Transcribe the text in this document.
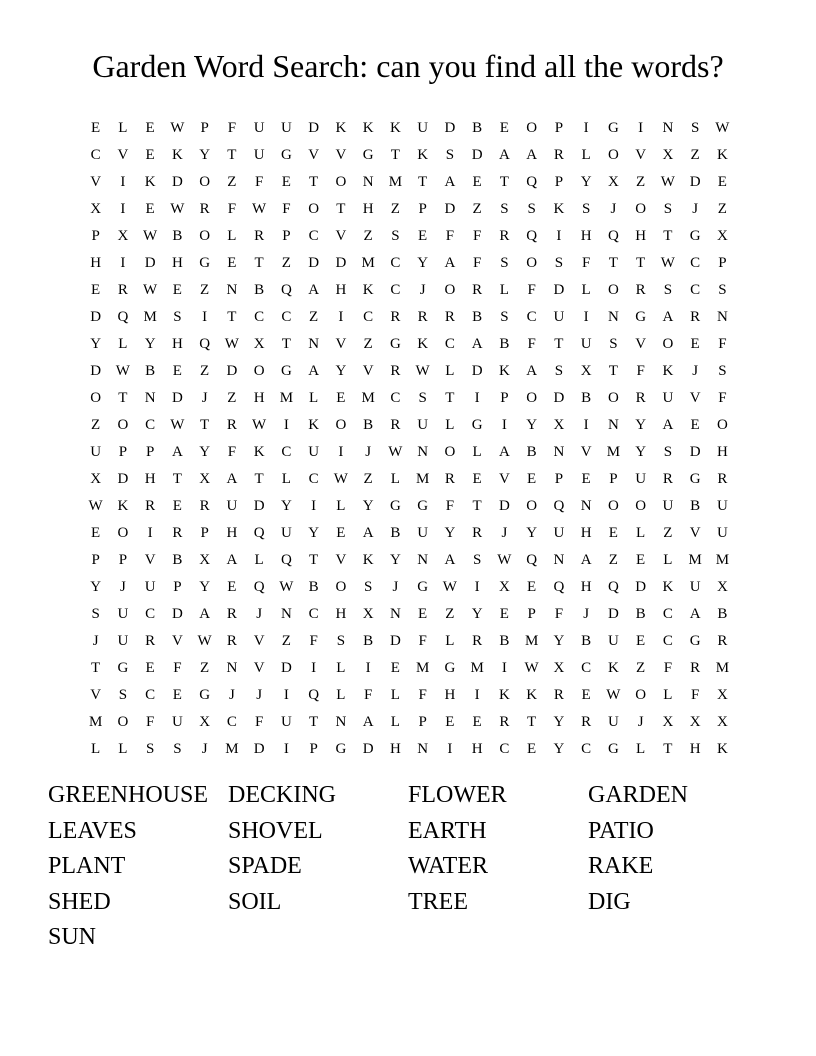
Garden Word Search: can you find all the words?
E	L	E	W	P	F	U	U	D	K	K	K	U	D	B	E	O	P	I	G	I	N	S	W
C	V	E	K	Y	T	U	G	V	V	G	T	K	S	D	A	A	R	L	O	V	X	Z	K
V	I	K	D	O	Z	F	E	T	O	N	M	T	A	E	T	Q	P	Y	X	Z	W D	E
X	I	E	W	R	F	W	F	O	T	H	Z	P	D	Z	S	S	K	S	J	O	S	J	Z
P	X W	B	O	L	R	P	C	V	Z	S	E	F	F	R	Q	I	H	Q	H	T	G	X
H	I	D	H	G	E	T	Z	D	D	M	C	Y	A	F	S	O	S	F	T	T	W	C	P
E	R	W	E	Z	N	B	Q	A	H	K	C	J	O	R	L	F	D	L	O	R	S	C	S
D	Q	M	S	I	T	C	C	Z	I	C	R	R	R	B	S	C	U	I	N	G	A	R	N
Y	L	Y	H	Q W X	T	N	V	Z	G	K	C	A	B	F	T	U	S	V	O	E	F
D W	B	E	Z	D	O	G	A	Y	V	R	W	L	D	K	A	S	X	T	F	K	J	S
O	T	N	D	J	Z	H	M	L	E	M	C	S	T	I	P	O	D	B	O	R	U	V	F
Z	O	C	W	T	R	W	I	K	O	B	R	U	L	G	I	Y	X	I	N	Y	A	E	O
U	P	P	A	Y	F	K	C	U	I	J	W N	O	L	A	B	N	V	M	Y	S	D	H
X	D	H	T	X	A	T	L	C	W	Z	L	M	R	E	V	E	P	E	P	U	R	G	R
W K	R	E	R	U	D	Y	I	L	Y	G	G	F	T	D	O	Q	N	O	O	U	B	U
E	O	I	R	P	H	Q	U	Y	E	A	B	U	Y	R	J	Y	U	H	E	L	Z	V	U
P	P	V	B	X	A	L	Q	T	V	K	Y	N	A	S	W Q	N	A	Z	E	L	M M
Y	J	U	P	Y	E	Q W	B	O	S	J	G W	I	X	E	Q	H	Q	D	K	U	X
S	U	C	D	A	R	J	N	C	H	X	N	E	Z	Y	E	P	F	J	D	B	C	A	B
J	U	R	V W	R	V	Z	F	S	B	D	F	L	R	B	M	Y	B	U	E	C	G	R
T	G	E	F	Z	N	V	D	I	L	I	E	M	G	M	I	W X	C	K	Z	F	R	M
V	S	C	E	G	J	J	I	Q	L	F	L	F	H	I	K	K	R	E	W O	L	F	X
M	O	F	U	X	C	F	U	T	N	A	L	P	E	E	R	T	Y	R	U	J	X	X	X
L	L	S	S	J	M	D	I	P	G	D	H	N	I	H	C	E	Y	C	G	L	T	H	K
GREENHOUSE DECKING	FLOWER	GARDEN
LEAVES	SHOVEL	EARTH	PATIO
PLANT	SPADE	WATER	RAKE
SHED	SOIL	TREE	DIG
SUN
